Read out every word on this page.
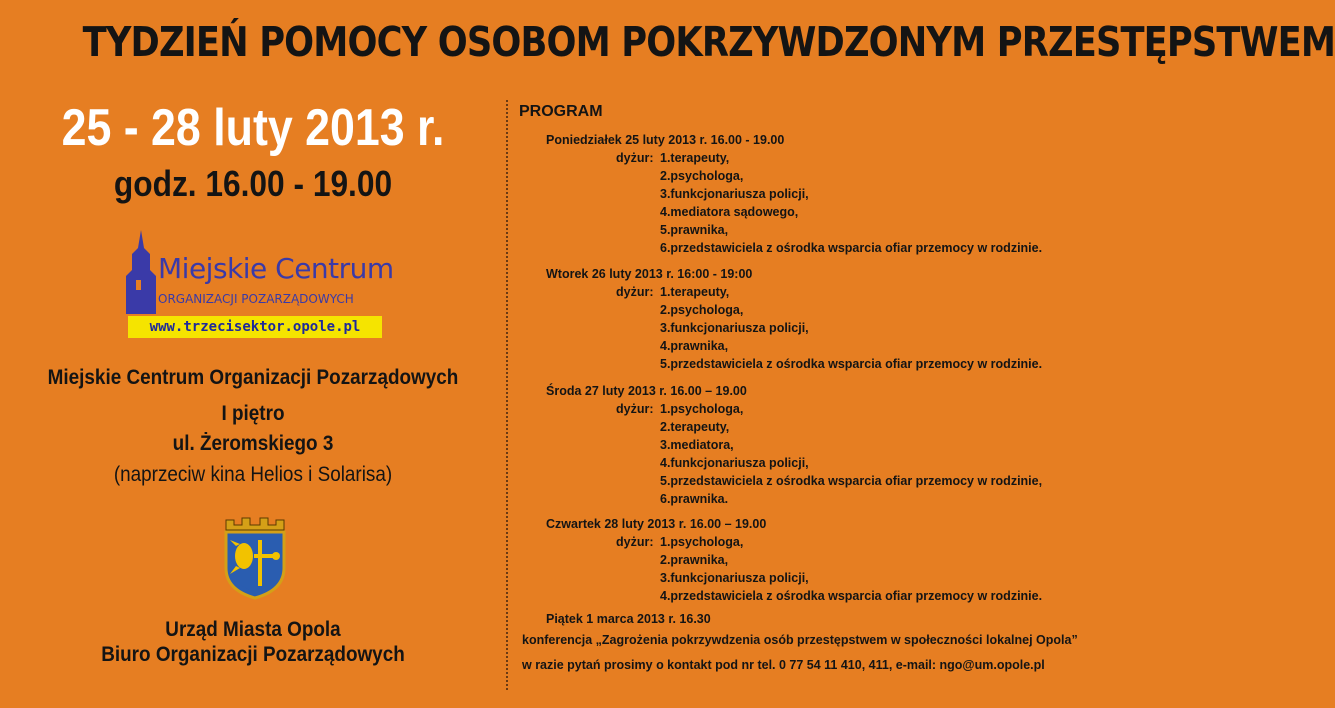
TYDZIEŃ POMOCY OSOBOM POKRZYWDZONYM PRZESTĘPSTWEM
25 - 28 luty 2013 r.
godz. 16.00 - 19.00
Miejskie Centrum
ORGANIZACJI POZARZĄDOWYCH
www.trzecisektor.opole.pl
Miejskie Centrum Organizacji Pozarządowych
I piętro
ul. Żeromskiego 3
(naprzeciw kina Helios i Solarisa)
Urząd Miasta Opola
Biuro Organizacji Pozarządowych
PROGRAM
Poniedziałek 25 luty 2013 r. 16.00 - 19.00
dyżur: 1.terapeuty,
2.psychologa,
3.funkcjonariusza policji,
4.mediatora sądowego,
5.prawnika,
6.przedstawiciela z ośrodka wsparcia ofiar przemocy w rodzinie.
Wtorek 26 luty 2013 r. 16:00 - 19:00
dyżur: 1.terapeuty,
2.psychologa,
3.funkcjonariusza policji,
4.prawnika,
5.przedstawiciela z ośrodka wsparcia ofiar przemocy w rodzinie.
Środa 27 luty 2013 r. 16.00 – 19.00
dyżur: 1.psychologa,
2.terapeuty,
3.mediatora,
4.funkcjonariusza policji,
5.przedstawiciela z ośrodka wsparcia ofiar przemocy w rodzinie,
6.prawnika.
Czwartek 28 luty 2013 r. 16.00 – 19.00
dyżur: 1.psychologa,
2.prawnika,
3.funkcjonariusza policji,
4.przedstawiciela z ośrodka wsparcia ofiar przemocy w rodzinie.
Piątek 1 marca 2013 r. 16.30
konferencja „Zagrożenia pokrzywdzenia osób przestępstwem w społeczności lokalnej Opola”
w razie pytań prosimy o kontakt pod nr tel. 0 77 54 11 410, 411, e-mail: ngo@um.opole.pl
